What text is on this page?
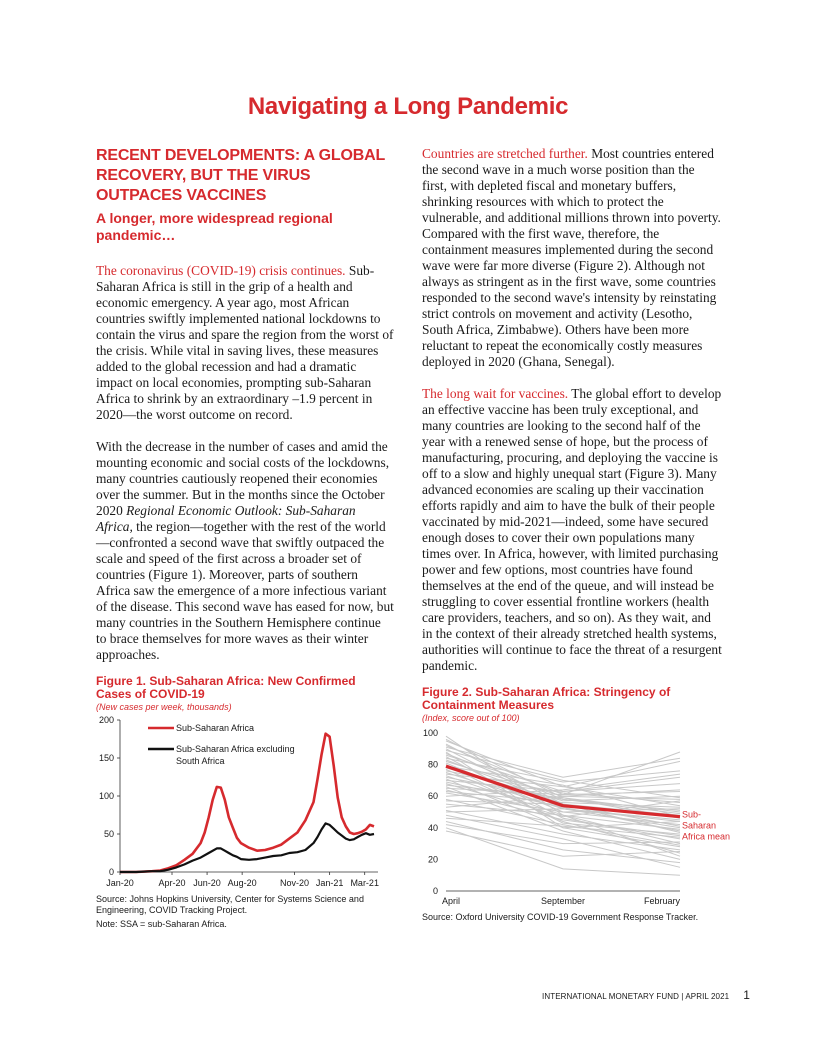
Navigating a Long Pandemic
RECENT DEVELOPMENTS: A GLOBAL RECOVERY, BUT THE VIRUS OUTPACES VACCINES
A longer, more widespread regional pandemic…

The coronavirus (COVID-19) crisis continues. Sub-Saharan Africa is still in the grip of a health and economic emergency. A year ago, most African countries swiftly implemented national lockdowns to contain the virus and spare the region from the worst of the crisis. While vital in saving lives, these measures added to the global recession and had a dramatic impact on local economies, prompting sub-Saharan Africa to shrink by an extraordinary –1.9 percent in 2020—the worst outcome on record.

With the decrease in the number of cases and amid the mounting economic and social costs of the lockdowns, many countries cautiously reopened their economies over the summer. But in the months since the October 2020 Regional Economic Outlook: Sub-Saharan Africa, the region—together with the rest of the world—confronted a second wave that swiftly outpaced the scale and speed of the first across a broader set of countries (Figure 1). Moreover, parts of southern Africa saw the emergence of a more infectious variant of the disease. This second wave has eased for now, but many countries in the Southern Hemisphere continue to brace themselves for more waves as their winter approaches.

Figure 1. Sub-Saharan Africa: New Confirmed Cases of COVID-19
(New cases per week, thousands)
0
50
100
150
200
Jan-20	Apr-20 Jun-20 Aug-20	Nov-20 Jan-21 Mar-21
Sub-Saharan Africa
Sub-Saharan Africa excluding
South Africa
Source: Johns Hopkins University, Center for Systems Science and Engineering, COVID Tracking Project.
Note: SSA = sub-Saharan Africa.

Countries are stretched further. Most countries entered the second wave in a much worse position than the first, with depleted fiscal and monetary buffers, shrinking resources with which to protect the vulnerable, and additional millions thrown into poverty. Compared with the first wave, therefore, the containment measures implemented during the second wave were far more diverse (Figure 2). Although not always as stringent as in the first wave, some countries responded to the second wave's intensity by reinstating strict controls on movement and activity (Lesotho, South Africa, Zimbabwe). Others have been more reluctant to repeat the economically costly measures deployed in 2020 (Ghana, Senegal).

The long wait for vaccines. The global effort to develop an effective vaccine has been truly exceptional, and many countries are looking to the second half of the year with a renewed sense of hope, but the process of manufacturing, procuring, and deploying the vaccine is off to a slow and highly unequal start (Figure 3). Many advanced economies are scaling up their vaccination efforts rapidly and aim to have the bulk of their people vaccinated by mid-2021—indeed, some have secured enough doses to cover their own populations many times over. In Africa, however, with limited purchasing power and few options, most countries have found themselves at the end of the queue, and will instead be struggling to cover essential frontline workers (health care providers, teachers, and so on). As they wait, and in the context of their already stretched health systems, authorities will continue to face the threat of a resurgent pandemic.

Figure 2. Sub-Saharan Africa: Stringency of Containment Measures
(Index, score out of 100)
0
20
40
60
80
100
April	September	February
Sub-
Saharan
Africa mean
Source: Oxford University COVID-19 Government Response Tracker.
INTERNATIONAL MONETARY FUND | APRIL 2021 1
